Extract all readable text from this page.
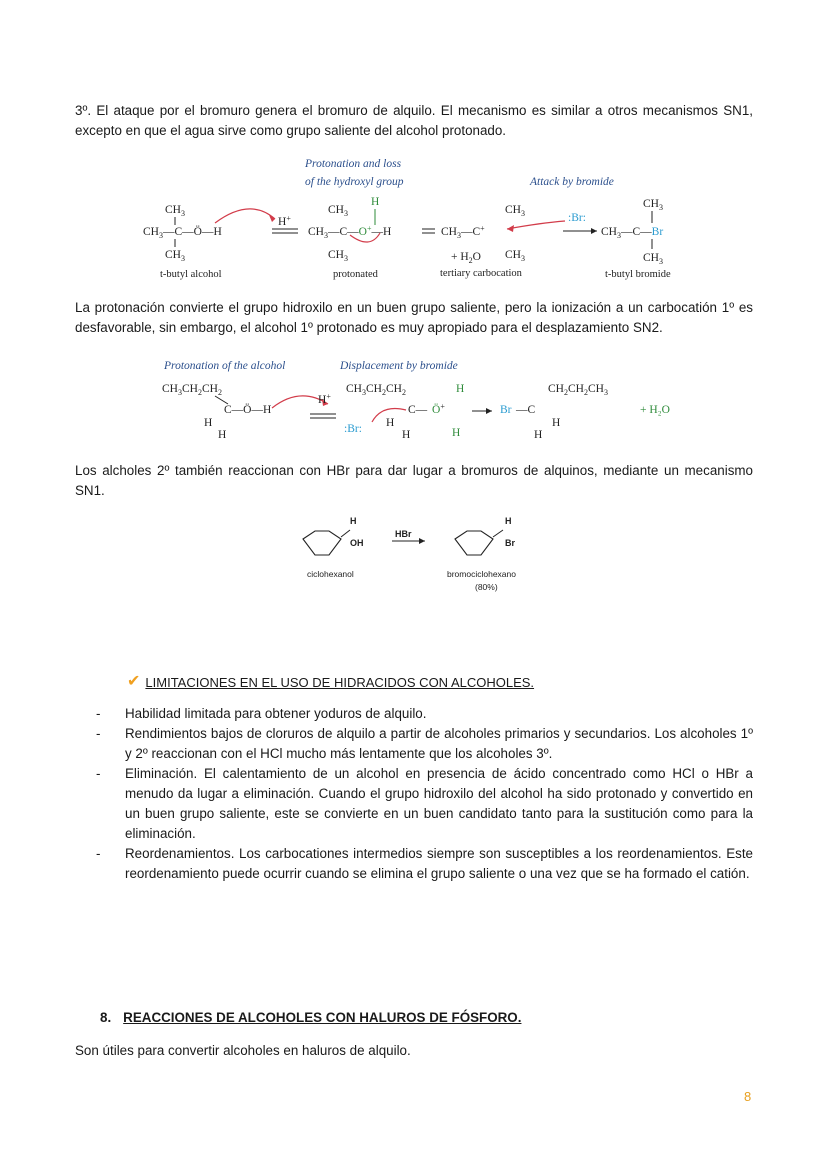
3º. El ataque por el bromuro genera el bromuro de alquilo. El mecanismo es similar a otros mecanismos SN1, excepto en que el agua sirve como grupo saliente del alcohol protonado.

Protonation and loss
of the hydroxyl group	Attack by bromide
$CH_3$
$CH_3—C—Ö—H$
$CH_3$
H+
$CH_3$
H
$CH_3—C—O^+—H$
$CH_3$
$CH_3$
$CH_3—C^+$
$CH_3$
+ $H_2O$
:Br:
$CH_3$
$CH_3—C—Br$
$CH_3$
t-butyl alcohol	protonated	tertiary carbocation	t-butyl bromide

La protonación convierte el grupo hidroxilo en un buen grupo saliente, pero la ionización a un carbocatión 1º es desfavorable, sin embargo, el alcohol 1º protonado es muy apropiado para el desplazamiento SN2.

Protonation of the alcohol	Displacement by bromide
$CH_3CH_2CH_2$
C—Ö—H
H
H
H+
$CH_3CH_2CH_2$	H
C— Ö+
H
:Br: H
H
$CH_2CH_2CH_3$
Br —C
H
H
+ H₂O

Los alcholes 2º también reaccionan con HBr para dar lugar a bromuros de alquinos, mediante un mecanismo SN1.

H
OH
HBr
H
Br
ciclohexanol	bromociclohexano
(80%)

✔ LIMITACIONES EN EL USO DE HIDRACIDOS CON ALCOHOLES.

- Habilidad limitada para obtener yoduros de alquilo.
- Rendimientos bajos de cloruros de alquilo a partir de alcoholes primarios y secundarios. Los alcoholes 1º y 2º reaccionan con el HCl mucho más lentamente que los alcoholes 3º.
- Eliminación. El calentamiento de un alcohol en presencia de ácido concentrado como HCl o HBr a menudo da lugar a eliminación. Cuando el grupo hidroxilo del alcohol ha sido protonado y convertido en un buen grupo saliente, este se convierte en un buen candidato tanto para la sustitución como para la eliminación.
- Reordenamientos. Los carbocationes intermedios siempre son susceptibles a los reordenamientos. Este reordenamiento puede ocurrir cuando se elimina el grupo saliente o una vez que se ha formado el catión.

8. REACCIONES DE ALCOHOLES CON HALUROS DE FÓSFORO.

Son útiles para convertir alcoholes en haluros de alquilo.

8
